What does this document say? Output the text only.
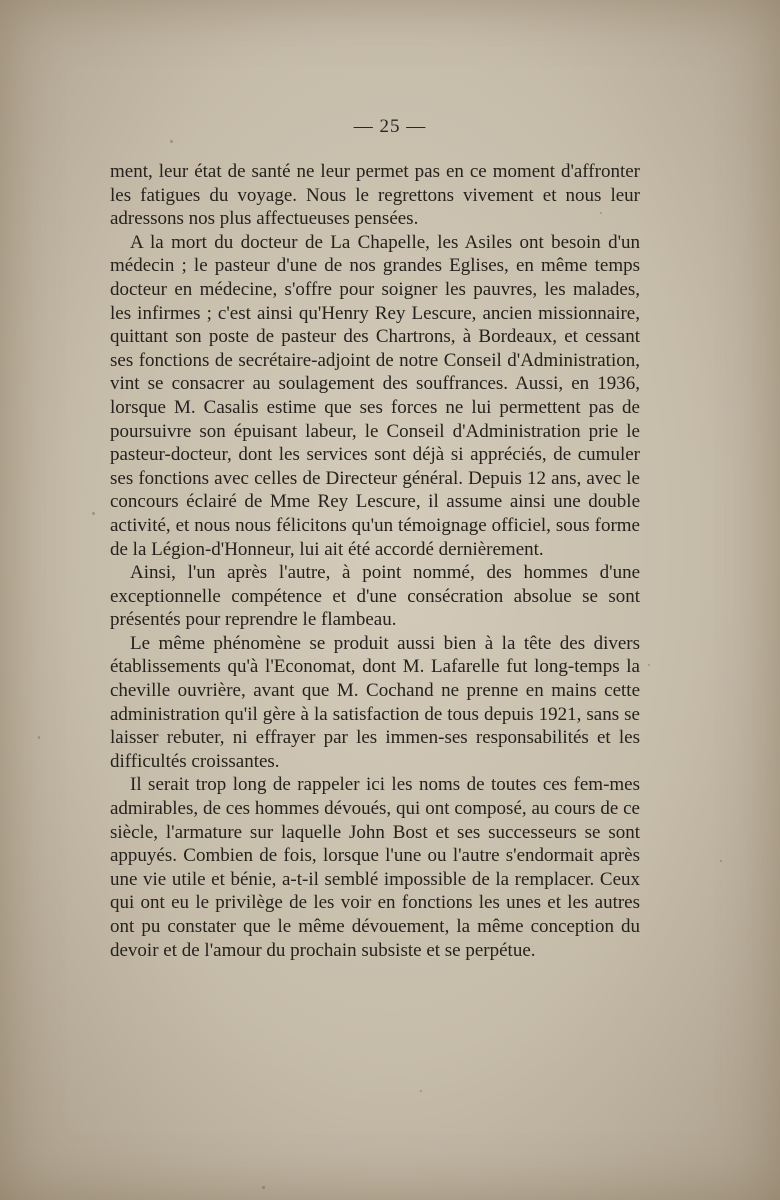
— 25 —

ment, leur état de santé ne leur permet pas en ce moment d'affronter les fatigues du voyage. Nous le regrettons vivement et nous leur adressons nos plus affectueuses pensées.

A la mort du docteur de La Chapelle, les Asiles ont besoin d'un médecin ; le pasteur d'une de nos grandes Eglises, en même temps docteur en médecine, s'offre pour soigner les pauvres, les malades, les infirmes ; c'est ainsi qu'Henry Rey Lescure, ancien missionnaire, quittant son poste de pasteur des Chartrons, à Bordeaux, et cessant ses fonctions de secrétaire-adjoint de notre Conseil d'Administration, vint se consacrer au soulagement des souffrances. Aussi, en 1936, lorsque M. Casalis estime que ses forces ne lui permettent pas de poursuivre son épuisant labeur, le Conseil d'Administration prie le pasteur-docteur, dont les services sont déjà si appréciés, de cumuler ses fonctions avec celles de Directeur général. Depuis 12 ans, avec le concours éclairé de Mme Rey Lescure, il assume ainsi une double activité, et nous nous félicitons qu'un témoignage officiel, sous forme de la Légion-d'Honneur, lui ait été accordé dernièrement.

Ainsi, l'un après l'autre, à point nommé, des hommes d'une exceptionnelle compétence et d'une consécration absolue se sont présentés pour reprendre le flambeau.

Le même phénomène se produit aussi bien à la tête des divers établissements qu'à l'Economat, dont M. Lafarelle fut long-temps la cheville ouvrière, avant que M. Cochand ne prenne en mains cette administration qu'il gère à la satisfaction de tous depuis 1921, sans se laisser rebuter, ni effrayer par les immen-ses responsabilités et les difficultés croissantes.

Il serait trop long de rappeler ici les noms de toutes ces fem-mes admirables, de ces hommes dévoués, qui ont composé, au cours de ce siècle, l'armature sur laquelle John Bost et ses successeurs se sont appuyés. Combien de fois, lorsque l'une ou l'autre s'endormait après une vie utile et bénie, a-t-il semblé impossible de la remplacer. Ceux qui ont eu le privilège de les voir en fonctions les unes et les autres ont pu constater que le même dévouement, la même conception du devoir et de l'amour du prochain subsiste et se perpétue.
